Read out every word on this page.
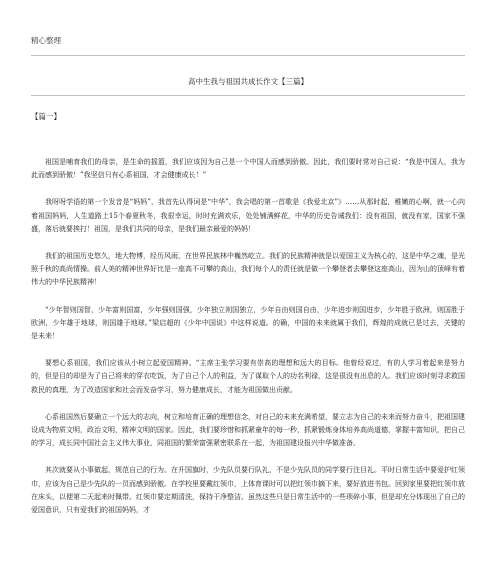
精心整理
高中生我与祖国共成长作文【三篇】
【篇一】

祖国是哺育我们的母亲，是生命的摇篮，我们应该因为自己是一个中国人而感到骄傲。因此，我们要时常对自己说：“我是中国人，我为此而感到骄傲！”我坚信只有心系祖国，才会健康成长！”

我呀呀学语的第一个发音是“妈妈”，我首先认得词是“中华”，我会唱的第一首歌是《我爱北京”》……从那时起，稚嫩的心啊，就一心向着祖国妈妈，人生道路上15个春夏秋冬，我很幸运，时时充满欢乐，处处铺满鲜花，中华的历史告诫我们：没有祖国，就没有家，国家不强盛，落后就要挨打！祖国，是我们共同的母亲，是我们最亲最爱的妈妈！

我们的祖国历史悠久，地大物博，经历风雨，在世界民族林中巍然屹立。我们的民族精神就是以爱国主义为核心的，这是中华之魂，是光照千秋的高尚情操。前人美的精神世界好比是一座高不可攀的高山，我们每个人的责任就是做一个攀登者去攀登这座高山，因为山的顶峰有着伟大的中华民族精神！

“少年智则国智，少年富则国富，少年强则国强，少年独立则国独立，少年自由则国自由，少年进步则国进步，少年胜于欧洲，则国胜于欧洲，少年雄于地球，则国雄于地球。”梁启超的《少年中国说》中这样说道。的确，中国的未来就属于我们，辉煌的成就已是过去，关键的是未来！

要想心系祖国，我们应该从小树立起爱国精神。“主席主张学习要有崇高的理想和远大的目标。他曾经说过，有的人学习着起来是努力的，但是目的却是为了自己将来的穿衣吃饭，为了自己个人的利益，为了谋取个人的功名利禄，这是很没有出息的人。我们应该时刻寻求救国救民的真理，为了改造国家和社会而发奋学习，努力健康成长，才能为祖国做出贡献。

心系祖国然后要确立一个远大的志向，树立和培育正确的理想信念，对自己的未来充满希望，要立志为自己的未来而努力奋斗，把祖国建设成为物质文明，政治文明，精神文明的国家。因此，我们要珍惜和抓紧童年的每一秒，抓紧锻炼身体培养高尚道德，掌握丰富知识，把自己的学习，成长同中国社会主义伟大事业，同祖国的繁荣富强紧密联系在一起，为祖国建设报兴中华做准备。

其次就要从小事做起，规范自己的行为。在升国旗时，少先队员要行队礼，不是少先队员的同学要行注目礼。平时日常生活中要爱护红领巾，应该为自己是少先队的一员而感到骄傲。在学校里要戴红领巾，上体育课时可以把红领巾摘下来，要好放进书包。回到家里要把红领巾放在床头，以便第二天起来时佩带。红领巾要定期清洗，保持干净整洁。虽然这些只是日常生活中的一些琐碎小事，但是却充分体现出了自己的爱国意识，只有爱我们的祖国妈妈，才
